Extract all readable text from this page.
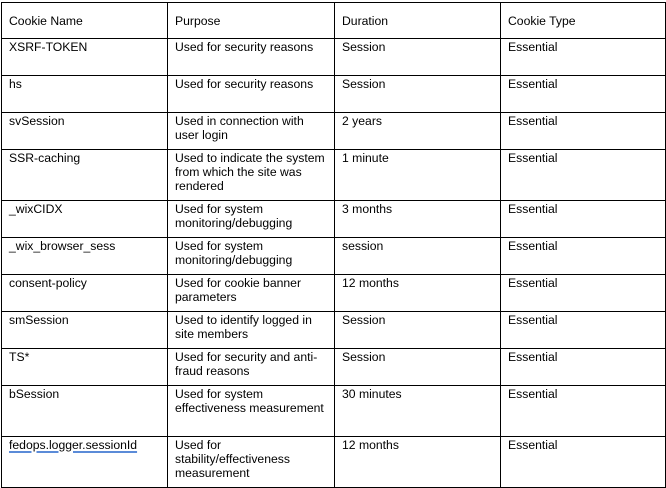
Cookie Name	Purpose	Duration	Cookie Type
XSRF-TOKEN	Used for security reasons	Session	Essential
hs	Used for security reasons	Session	Essential
svSession	Used in connection with user login	2 years	Essential
SSR-caching	Used to indicate the system from which the site was rendered	1 minute	Essential
_wixCIDX	Used for system monitoring/debugging	3 months	Essential
_wix_browser_sess	Used for system monitoring/debugging	session	Essential
consent-policy	Used for cookie banner parameters	12 months	Essential
smSession	Used to identify logged in site members	Session	Essential
TS*	Used for security and anti-fraud reasons	Session	Essential
bSession	Used for system effectiveness measurement	30 minutes	Essential
fedops.logger.sessionId	Used for stability/effectiveness measurement	12 months	Essential
